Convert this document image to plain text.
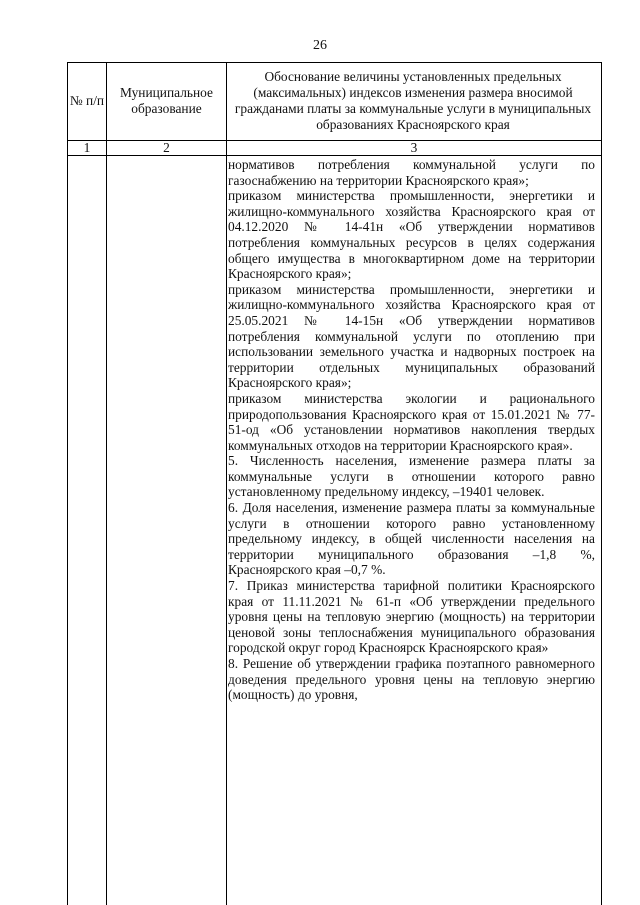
26
№ п/п
Муниципальное образование
Обоснование величины установленных предельных (максимальных) индексов изменения размера вносимой гражданами платы за коммунальные услуги в муниципальных образованиях Красноярского края
1	2	3

нормативов потребления коммунальной услуги по газоснабжению на территории Красноярского края»;

приказом министерства промышленности, энергетики и жилищно-коммунального хозяйства Красноярского края от 04.12.2020 № 14-41н «Об утверждении нормативов потребления коммунальных ресурсов в целях содержания общего имущества в многоквартирном доме на территории Красноярского края»;

приказом министерства промышленности, энергетики и жилищно-коммунального хозяйства Красноярского края от 25.05.2021 № 14-15н «Об утверждении нормативов потребления коммунальной услуги по отоплению при использовании земельного участка и надворных построек на территории отдельных муниципальных образований Красноярского края»;

приказом министерства экологии и рационального природопользования Красноярского края от 15.01.2021 № 77-51-од «Об установлении нормативов накопления твердых коммунальных отходов на территории Красноярского края».

5. Численность населения, изменение размера платы за коммунальные услуги в отношении которого равно установленному предельному индексу, –19401 человек.

6. Доля населения, изменение размера платы за коммунальные услуги в отношении которого равно установленному предельному индексу, в общей численности населения на территории муниципального образования –1,8 %, Красноярского края –0,7 %.

7. Приказ министерства тарифной политики Красноярского края от 11.11.2021 № 61-п «Об утверждении предельного уровня цены на тепловую энергию (мощность) на территории ценовой зоны теплоснабжения муниципального образования городской округ город Красноярск Красноярского края»

8. Решение об утверждении графика поэтапного равномерного доведения предельного уровня цены на тепловую энергию (мощность) до уровня,
